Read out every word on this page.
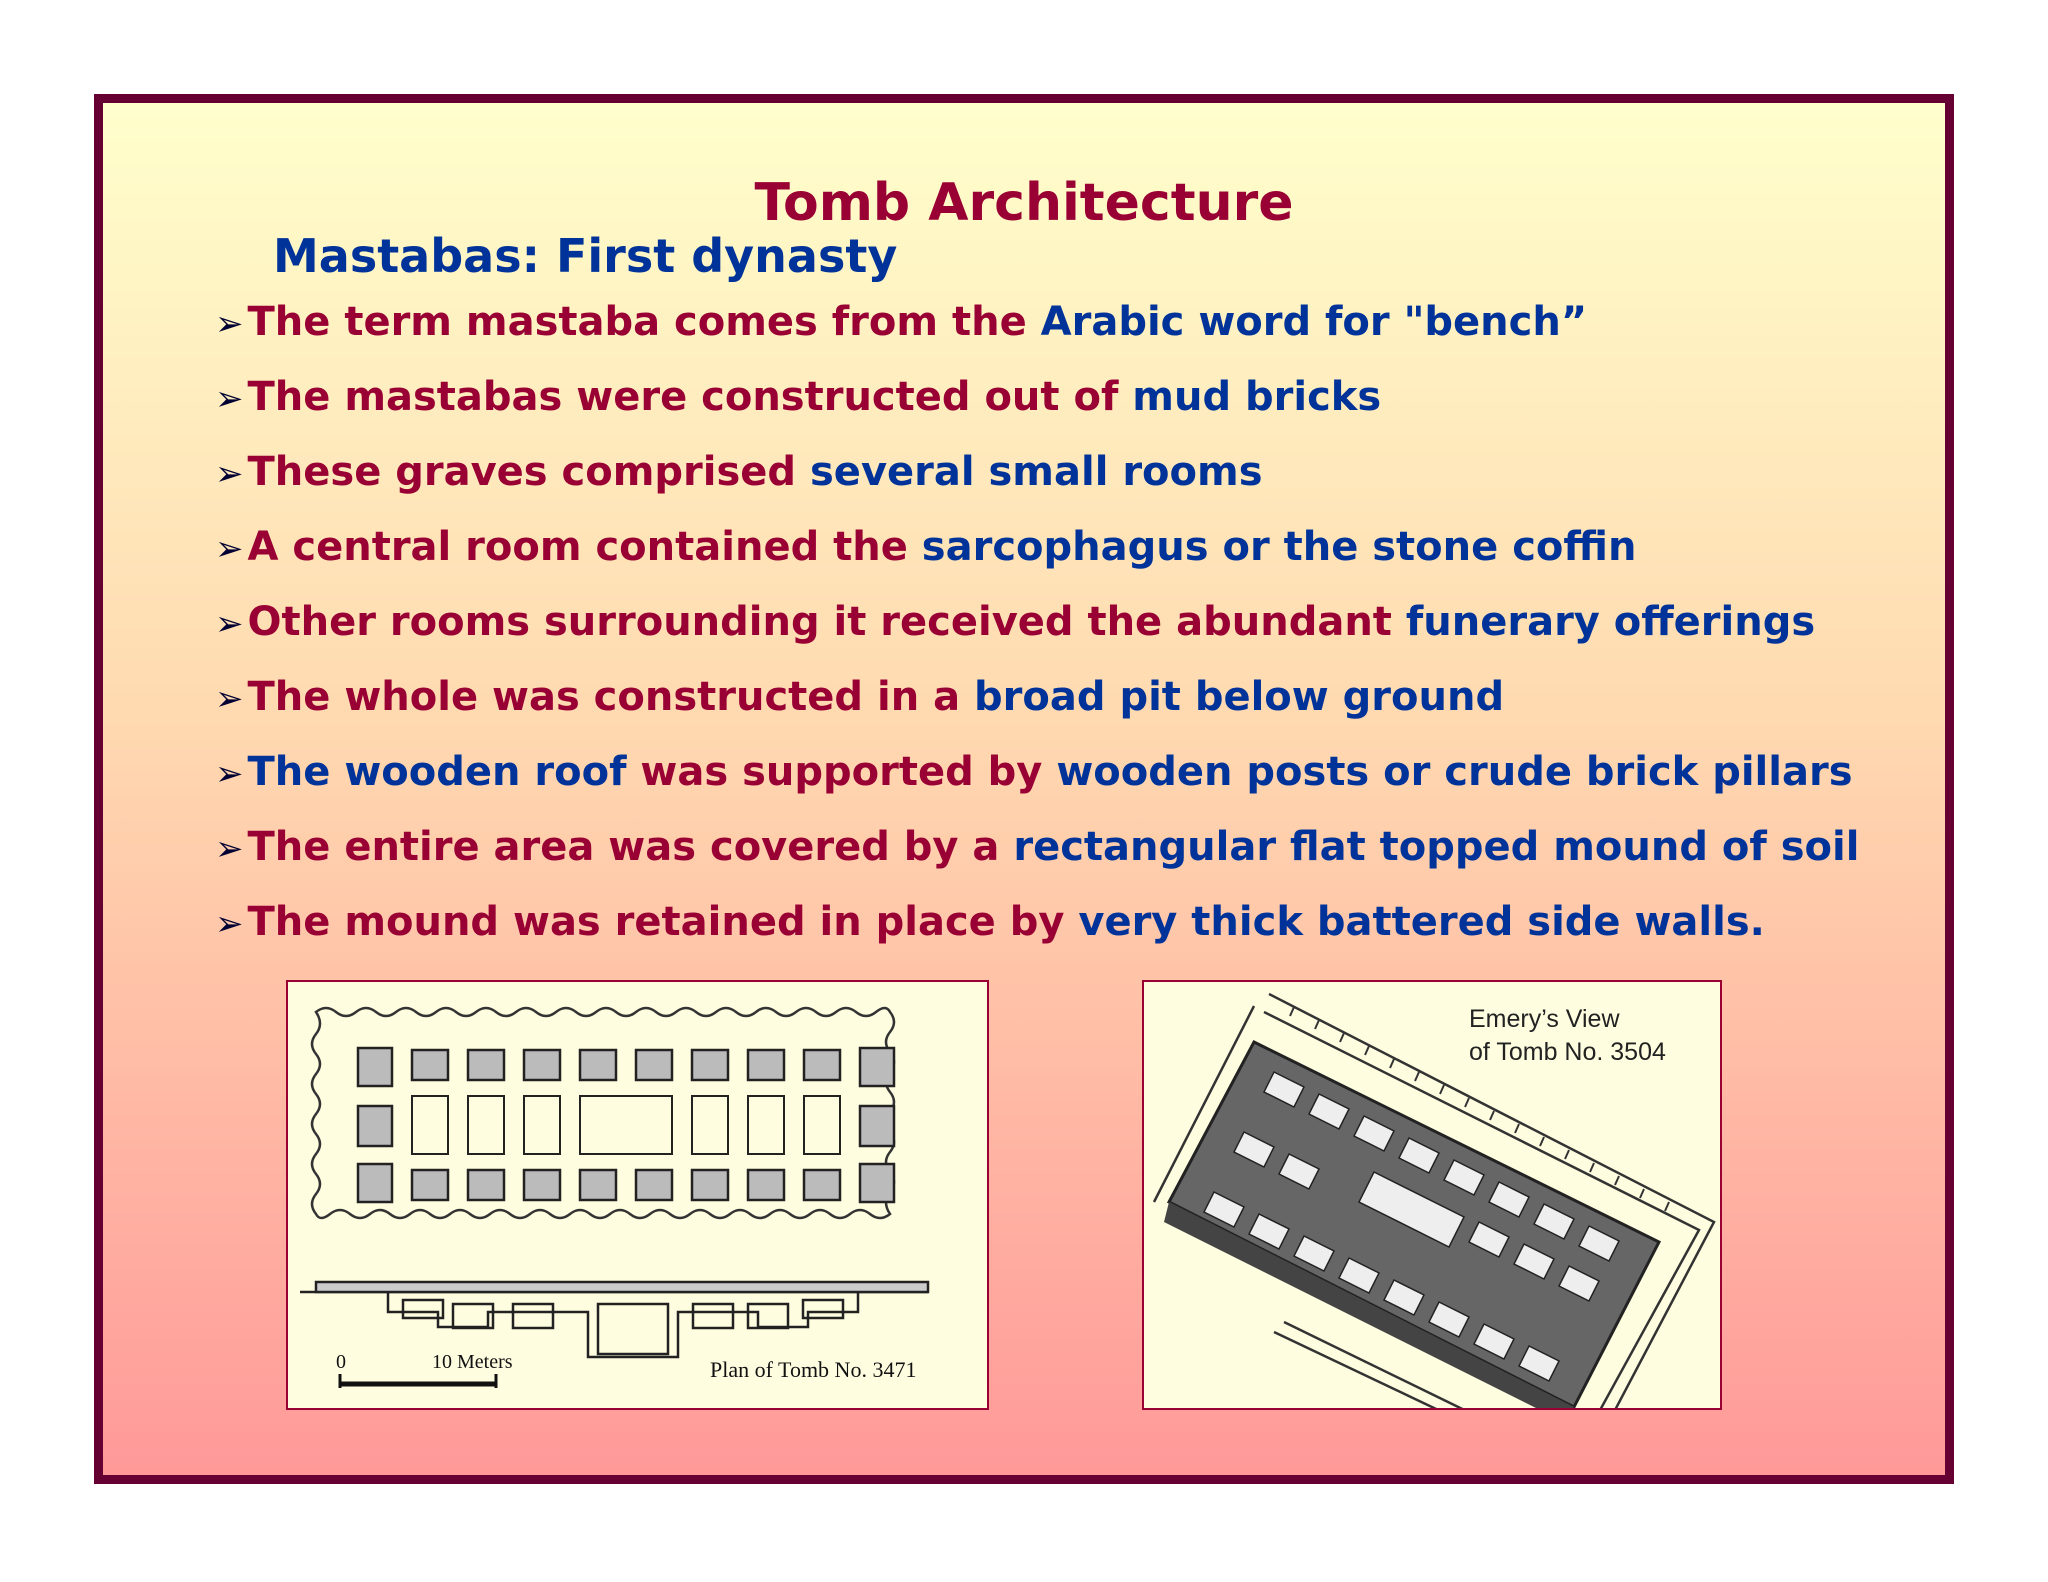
Tomb Architecture
Mastabas: First dynasty
➢ The term mastaba comes from the Arabic word for "bench”
➢ The mastabas were constructed out of mud bricks
➢ These graves comprised several small rooms
➢ A central room contained the sarcophagus or the stone coffin
➢ Other rooms surrounding it received the abundant funerary offerings
➢ The whole was constructed in a broad pit below ground
➢ The wooden roof was supported by wooden posts or crude brick pillars
➢ The entire area was covered by a rectangular flat topped mound of soil
➢ The mound was retained in place by very thick battered side walls.
0	10 Meters	Plan of Tomb No. 3471
Emery’s View
of Tomb No. 3504
